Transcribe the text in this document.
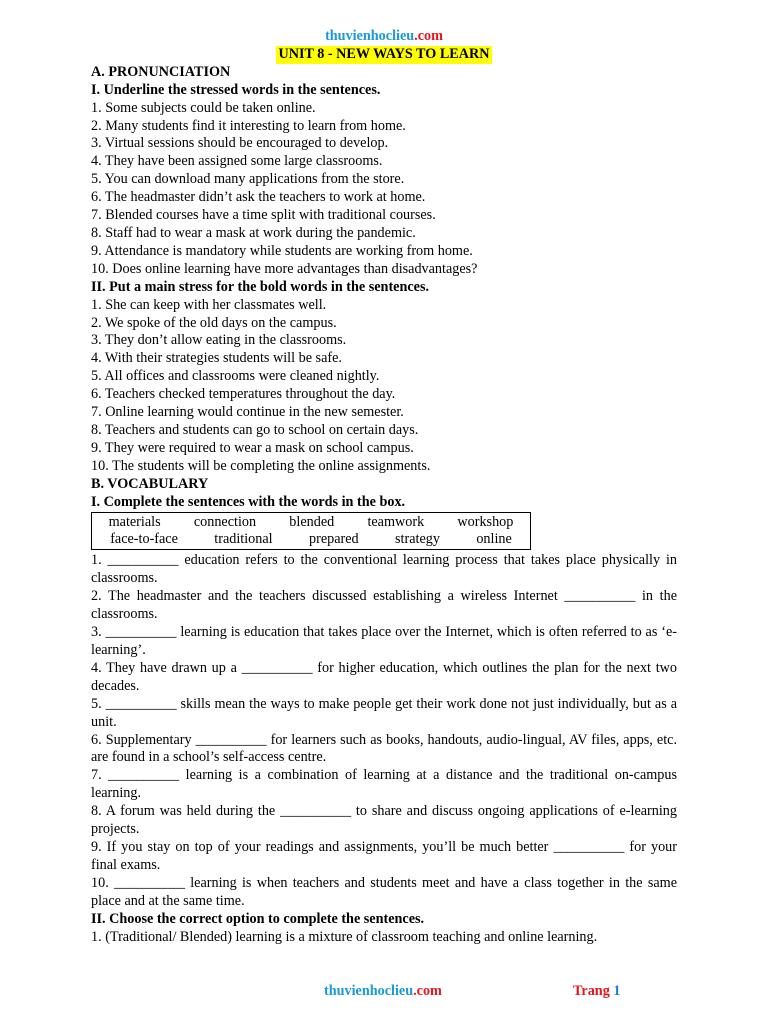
thuvienhoclieu.com
UNIT 8 - NEW WAYS TO LEARN
A. PRONUNCIATION
I. Underline the stressed words in the sentences.
1. Some subjects could be taken online.
2. Many students find it interesting to learn from home.
3. Virtual sessions should be encouraged to develop.
4. They have been assigned some large classrooms.
5. You can download many applications from the store.
6. The headmaster didn’t ask the teachers to work at home.
7. Blended courses have a time split with traditional courses.
8. Staff had to wear a mask at work during the pandemic.
9. Attendance is mandatory while students are working from home.
10. Does online learning have more advantages than disadvantages?
II. Put a main stress for the bold words in the sentences.
1. She can keep with her classmates well.
2. We spoke of the old days on the campus.
3. They don’t allow eating in the classrooms.
4. With their strategies students will be safe.
5. All offices and classrooms were cleaned nightly.
6. Teachers checked temperatures throughout the day.
7. Online learning would continue in the new semester.
8. Teachers and students can go to school on certain days.
9. They were required to wear a mask on school campus.
10. The students will be completing the online assignments.
B. VOCABULARY
I. Complete the sentences with the words in the box.
materials connection blended teamwork workshop
face-to-face	traditional	prepared	strategy	online
1. __________ education refers to the conventional learning process that takes place physically in classrooms.
2. The headmaster and the teachers discussed establishing a wireless Internet __________ in the classrooms.
3. __________ learning is education that takes place over the Internet, which is often referred to as ‘e-learning’.
4. They have drawn up a __________ for higher education, which outlines the plan for the next two decades.
5. __________ skills mean the ways to make people get their work done not just individually, but as a unit.
6. Supplementary __________ for learners such as books, handouts, audio-lingual, AV files, apps, etc. are found in a school’s self-access centre.
7. __________ learning is a combination of learning at a distance and the traditional on-campus learning.
8. A forum was held during the __________ to share and discuss ongoing applications of e-learning projects.
9. If you stay on top of your readings and assignments, you’ll be much better __________ for your final exams.
10. __________ learning is when teachers and students meet and have a class together in the same place and at the same time.
II. Choose the correct option to complete the sentences.
1. (Traditional/ Blended) learning is a mixture of classroom teaching and online learning.
thuvienhoclieu.com	Trang 1
